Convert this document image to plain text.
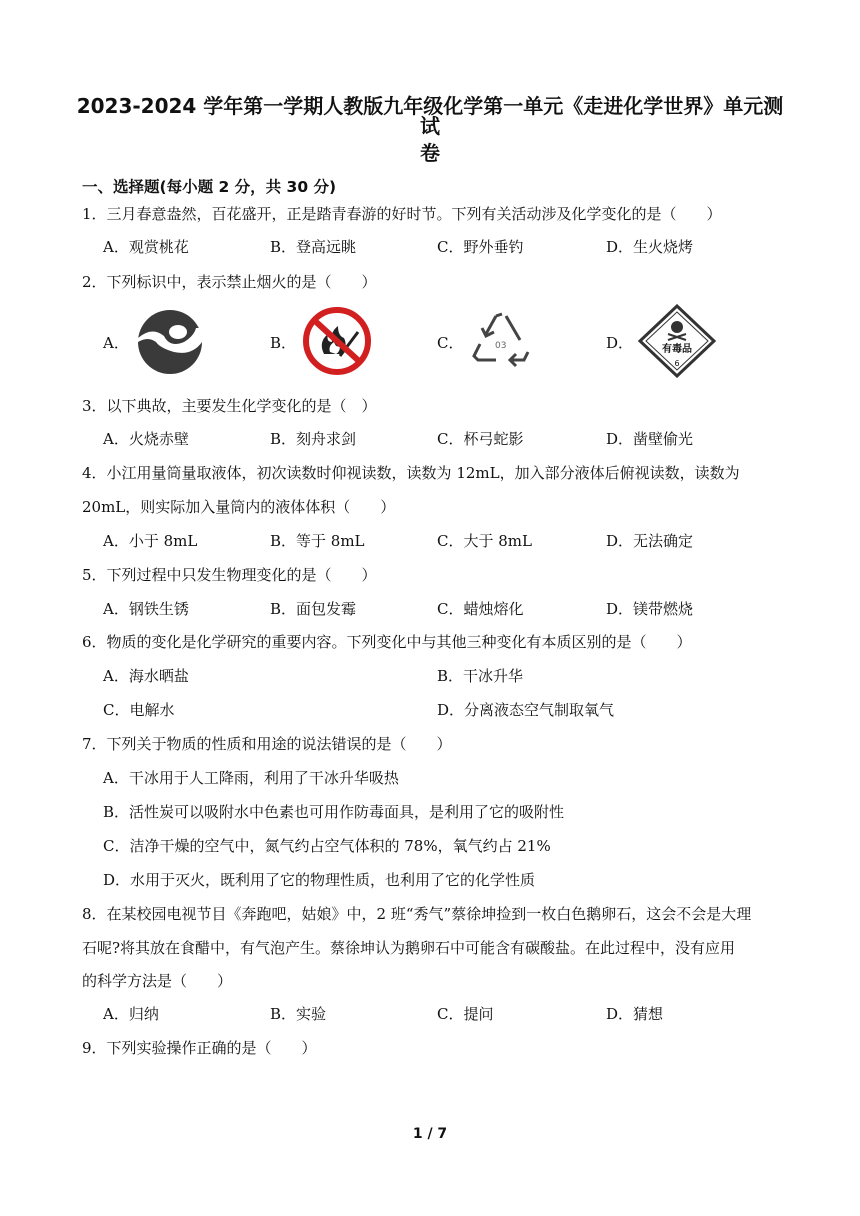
2023-2024 学年第一学期人教版九年级化学第一单元《走进化学世界》单元测试
卷
一、选择题(每小题 2 分，共 30 分)
1．三月春意盎然，百花盛开，正是踏青春游的好时节。下列有关活动涉及化学变化的是（　　）
A．观赏桃花	B．登高远眺	C．野外垂钓	D．生火烧烤
2．下列标识中，表示禁止烟火的是（　　）
A．	B．	C．	03	D．	有毒品
6
3．以下典故，主要发生化学变化的是（　）
A．火烧赤壁	B．刻舟求剑	C．杯弓蛇影	D．凿壁偷光
4．小江用量筒量取液体，初次读数时仰视读数，读数为 12mL，加入部分液体后俯视读数，读数为
20mL，则实际加入量筒内的液体体积（　　）
A．小于 8mL	B．等于 8mL	C．大于 8mL	D．无法确定
5．下列过程中只发生物理变化的是（　　）
A．钢铁生锈	B．面包发霉	C．蜡烛熔化	D．镁带燃烧
6．物质的变化是化学研究的重要内容。下列变化中与其他三种变化有本质区别的是（　　）
A．海水晒盐	B．干冰升华
C．电解水	D．分离液态空气制取氧气
7．下列关于物质的性质和用途的说法错误的是（　　）
A．干冰用于人工降雨，利用了干冰升华吸热
B．活性炭可以吸附水中色素也可用作防毒面具，是利用了它的吸附性
C．洁净干燥的空气中，氮气约占空气体积的 78%，氧气约占 21%
D．水用于灭火，既利用了它的物理性质，也利用了它的化学性质
8．在某校园电视节目《奔跑吧，姑娘》中，2 班“秀气”蔡徐坤捡到一枚白色鹅卵石，这会不会是大理
石呢?将其放在食醋中，有气泡产生。蔡徐坤认为鹅卵石中可能含有碳酸盐。在此过程中，没有应用
的科学方法是（　　）
A．归纳	B．实验	C．提问	D．猜想
9．下列实验操作正确的是（　　）
1 / 7
